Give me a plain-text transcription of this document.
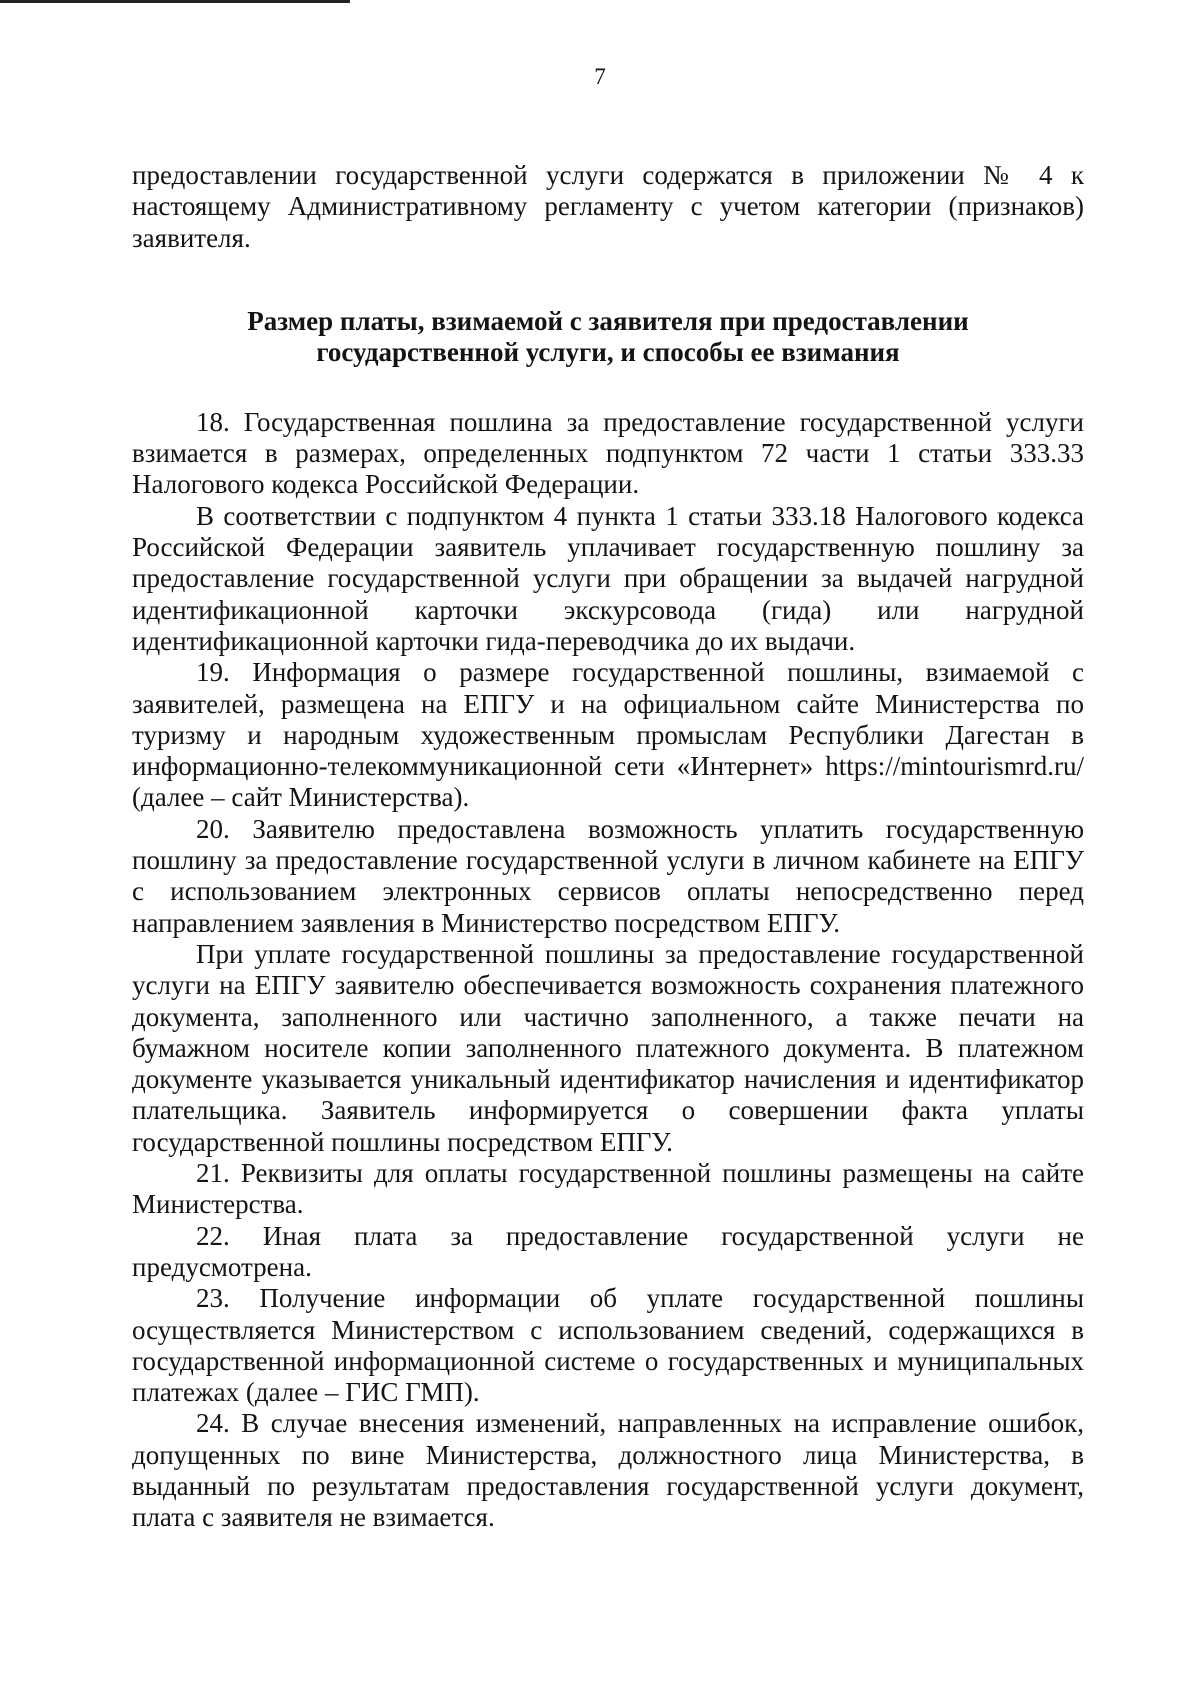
7

предоставлении государственной услуги содержатся в приложении № 4 к настоящему Административному регламенту с учетом категории (признаков) заявителя.

Размер платы, взимаемой с заявителя при предоставлении государственной услуги, и способы ее взимания

18. Государственная пошлина за предоставление государственной услуги взимается в размерах, определенных подпунктом 72 части 1 статьи 333.33 Налогового кодекса Российской Федерации.

В соответствии с подпунктом 4 пункта 1 статьи 333.18 Налогового кодекса Российской Федерации заявитель уплачивает государственную пошлину за предоставление государственной услуги при обращении за выдачей нагрудной идентификационной карточки экскурсовода (гида) или нагрудной идентификационной карточки гида-переводчика до их выдачи.

19. Информация о размере государственной пошлины, взимаемой с заявителей, размещена на ЕПГУ и на официальном сайте Министерства по туризму и народным художественным промыслам Республики Дагестан в информационно-телекоммуникационной сети «Интернет» https://mintourismrd.ru/ (далее – сайт Министерства).

20. Заявителю предоставлена возможность уплатить государственную пошлину за предоставление государственной услуги в личном кабинете на ЕПГУ с использованием электронных сервисов оплаты непосредственно перед направлением заявления в Министерство посредством ЕПГУ.

При уплате государственной пошлины за предоставление государственной услуги на ЕПГУ заявителю обеспечивается возможность сохранения платежного документа, заполненного или частично заполненного, а также печати на бумажном носителе копии заполненного платежного документа. В платежном документе указывается уникальный идентификатор начисления и идентификатор плательщика. Заявитель информируется о совершении факта уплаты государственной пошлины посредством ЕПГУ.

21. Реквизиты для оплаты государственной пошлины размещены на сайте Министерства.

22. Иная плата за предоставление государственной услуги не предусмотрена.

23. Получение информации об уплате государственной пошлины осуществляется Министерством с использованием сведений, содержащихся в государственной информационной системе о государственных и муниципальных платежах (далее – ГИС ГМП).

24. В случае внесения изменений, направленных на исправление ошибок, допущенных по вине Министерства, должностного лица Министерства, в выданный по результатам предоставления государственной услуги документ, плата с заявителя не взимается.
